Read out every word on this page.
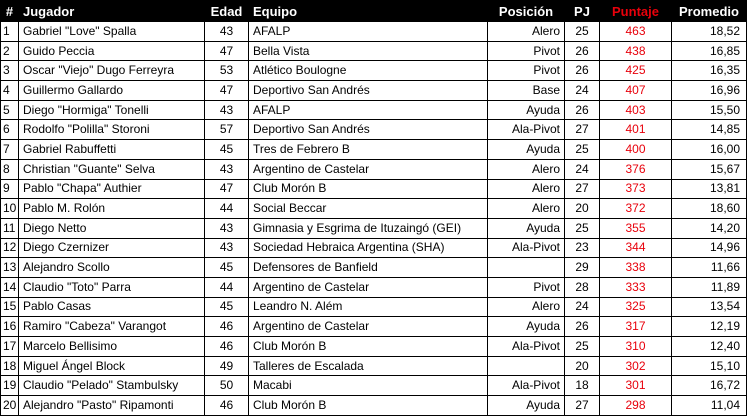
#	Jugador	Edad	Equipo	Posición	PJ	Puntaje	Promedio
1	Gabriel "Love" Spalla	43	AFALP	Alero	25	463	18,52
2	Guido Peccia	47	Bella Vista	Pivot	26	438	16,85
3	Oscar "Viejo" Dugo Ferreyra	53	Atlético Boulogne	Pivot	26	425	16,35
4	Guillermo Gallardo	47	Deportivo San Andrés	Base	24	407	16,96
5	Diego "Hormiga" Tonelli	43	AFALP	Ayuda	26	403	15,50
6	Rodolfo "Polilla" Storoni	57	Deportivo San Andrés	Ala-Pivot	27	401	14,85
7	Gabriel Rabuffetti	45	Tres de Febrero B	Ayuda	25	400	16,00
8	Christian "Guante" Selva	43	Argentino de Castelar	Alero	24	376	15,67
9	Pablo "Chapa" Authier	47	Club Morón B	Alero	27	373	13,81
10	Pablo M. Rolón	44	Social Beccar	Alero	20	372	18,60
11	Diego Netto	43	Gimnasia y Esgrima de Ituzaingó (GEI)	Ayuda	25	355	14,20
12	Diego Czernizer	43	Sociedad Hebraica Argentina (SHA)	Ala-Pivot	23	344	14,96
13	Alejandro Scollo	45	Defensores de Banfield		29	338	11,66
14	Claudio "Toto" Parra	44	Argentino de Castelar	Pivot	28	333	11,89
15	Pablo Casas	45	Leandro N. Além	Alero	24	325	13,54
16	Ramiro "Cabeza" Varangot	46	Argentino de Castelar	Ayuda	26	317	12,19
17	Marcelo Bellisimo	46	Club Morón B	Ala-Pivot	25	310	12,40
18	Miguel Ángel Block	49	Talleres de Escalada		20	302	15,10
19	Claudio "Pelado" Stambulsky	50	Macabi	Ala-Pivot	18	301	16,72
20	Alejandro "Pasto" Ripamonti	46	Club Morón B	Ayuda	27	298	11,04
